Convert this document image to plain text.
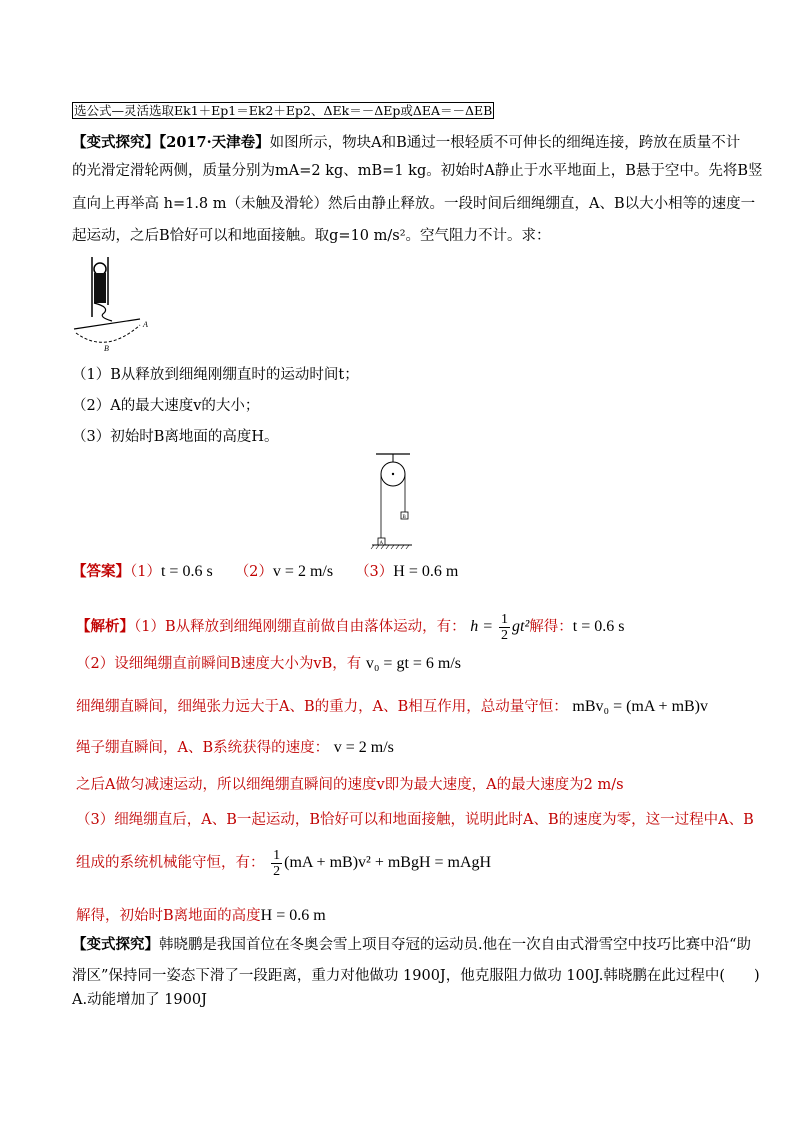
选公式—灵活选取Ek1＋Ep1＝Ek2＋Ep2、ΔEk＝－ΔEp或ΔEA＝－ΔEB
【变式探究】【2017·天津卷】如图所示，物块A和B通过一根轻质不可伸长的细绳连接，跨放在质量不计
的光滑定滑轮两侧，质量分别为mA=2 kg、mB=1 kg。初始时A静止于水平地面上，B悬于空中。先将B竖
直向上再举高 h=1.8 m（未触及滑轮）然后由静止释放。一段时间后细绳绷直，A、B以大小相等的速度一
起运动，之后B恰好可以和地面接触。取g=10 m/s²。空气阻力不计。求：
A
B
（1）B从释放到细绳刚绷直时的运动时间t；
（2）A的最大速度v的大小；
（3）初始时B离地面的高度H。
B
A
【答案】（1）t = 0.6 s （2）v = 2 m/s （3）H = 0.6 m
【解析】（1）B从释放到细绳刚绷直前做自由落体运动，有： $h = \frac{1}{2} gt^2$解得：t = 0.6 s
（2）设细绳绷直前瞬间B速度大小为vB，有 v₀ = gt = 6 m/s
细绳绷直瞬间，细绳张力远大于A、B的重力，A、B相互作用，总动量守恒： mBv₀ = (mA + mB)v
绳子绷直瞬间，A、B系统获得的速度： v = 2 m/s
之后A做匀减速运动，所以细绳绷直瞬间的速度v即为最大速度，A的最大速度为2 m/s
（3）细绳绷直后，A、B一起运动，B恰好可以和地面接触，说明此时A、B的速度为零，这一过程中A、B
组成的系统机械能守恒，有： $\frac{1}{2} (mA + mB)v^2$ + mBgH = mAgH
解得，初始时B离地面的高度H = 0.6 m
【变式探究】韩晓鹏是我国首位在冬奥会雪上项目夺冠的运动员.他在一次自由式滑雪空中技巧比赛中沿“助
滑区”保持同一姿态下滑了一段距离，重力对他做功 1900J，他克服阻力做功 100J.韩晓鹏在此过程中(　　)
A.动能增加了 1900J
